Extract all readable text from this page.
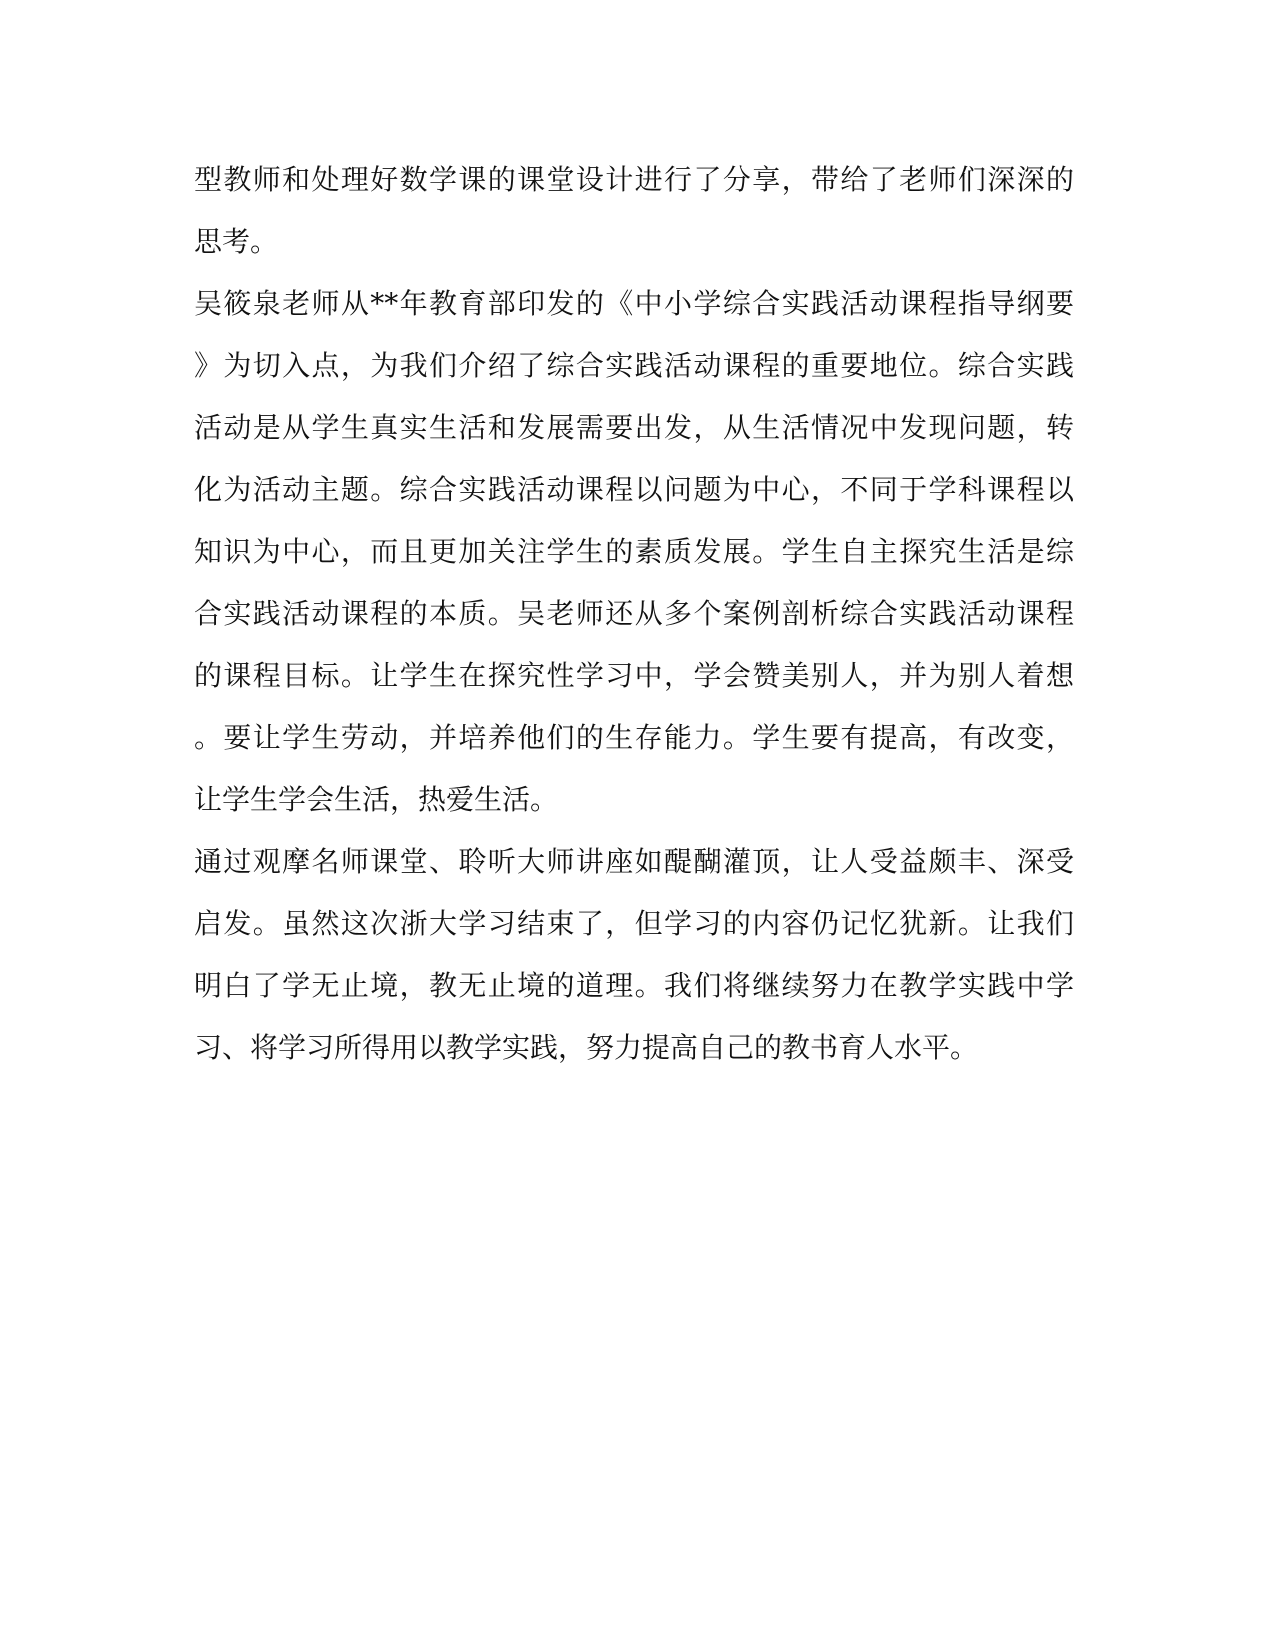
型教师和处理好数学课的课堂设计进行了分享，带给了老师们深深的

思考。

吴筱泉老师从**年教育部印发的《中小学综合实践活动课程指导纲要

》为切入点，为我们介绍了综合实践活动课程的重要地位。综合实践

活动是从学生真实生活和发展需要出发，从生活情况中发现问题，转

化为活动主题。综合实践活动课程以问题为中心，不同于学科课程以

知识为中心，而且更加关注学生的素质发展。学生自主探究生活是综

合实践活动课程的本质。吴老师还从多个案例剖析综合实践活动课程

的课程目标。让学生在探究性学习中，学会赞美别人，并为别人着想

。要让学生劳动，并培养他们的生存能力。学生要有提高，有改变，

让学生学会生活，热爱生活。

通过观摩名师课堂、聆听大师讲座如醍醐灌顶，让人受益颇丰、深受

启发。虽然这次浙大学习结束了，但学习的内容仍记忆犹新。让我们

明白了学无止境，教无止境的道理。我们将继续努力在教学实践中学

习、将学习所得用以教学实践，努力提高自己的教书育人水平。
